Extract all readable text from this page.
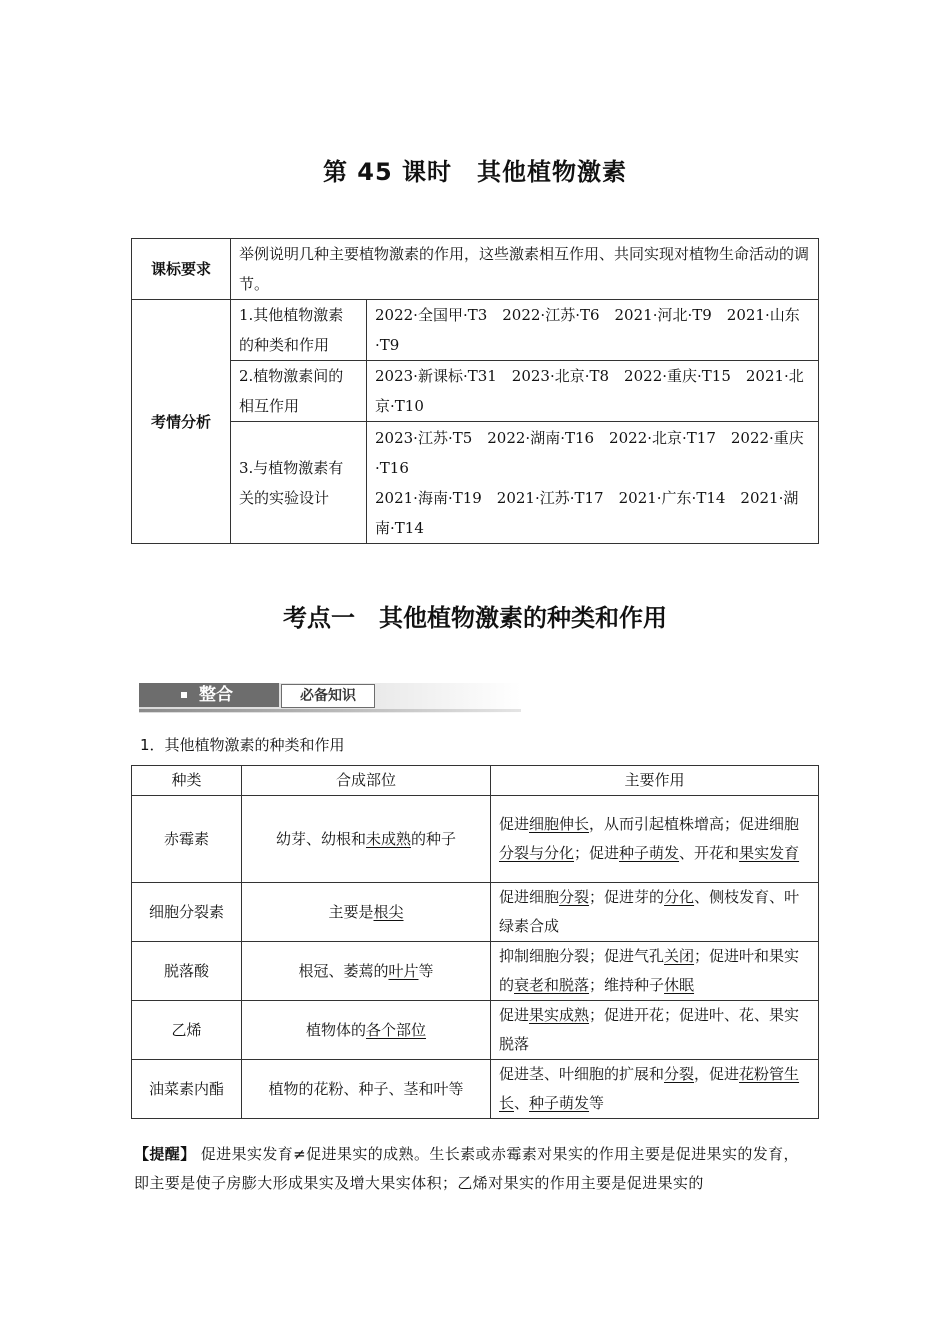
第 45 课时　其他植物激素
课标要求	举例说明几种主要植物激素的作用，这些激素相互作用、共同实现对植物生命活动的调节。	
考情分析	1.其他植物激素的种类和作用	2022·全国甲·T3　2022·江苏·T6　2021·河北·T9　2021·山东·T9
	2.植物激素间的相互作用	2023·新课标·T31　2023·北京·T8　2022·重庆·T15　2021·北京·T10
	3.与植物激素有关的实验设计	2023·江苏·T5　2022·湖南·T16　2022·北京·T17　2022·重庆·T16
2021·海南·T19　2021·江苏·T17　2021·广东·T14　2021·湖南·T14
考点一　其他植物激素的种类和作用
整合	必备知识
1．其他植物激素的种类和作用
种类	合成部位	主要作用
赤霉素	幼芽、幼根和未成熟的种子	促进细胞伸长，从而引起植株增高；促进细胞分裂与分化；促进种子萌发、开花和果实发育
细胞分裂素	主要是根尖	促进细胞分裂；促进芽的分化、侧枝发育、叶绿素合成
脱落酸	根冠、萎蔫的叶片等	抑制细胞分裂；促进气孔关闭；促进叶和果实的衰老和脱落；维持种子休眠
乙烯	植物体的各个部位	促进果实成熟；促进开花；促进叶、花、果实脱落
油菜素内酯	植物的花粉、种子、茎和叶等	促进茎、叶细胞的扩展和分裂，促进花粉管生长、种子萌发等
【提醒】 促进果实发育≠促进果实的成熟。生长素或赤霉素对果实的作用主要是促进果实的发育，即主要是使子房膨大形成果实及增大果实体积；乙烯对果实的作用主要是促进果实的
